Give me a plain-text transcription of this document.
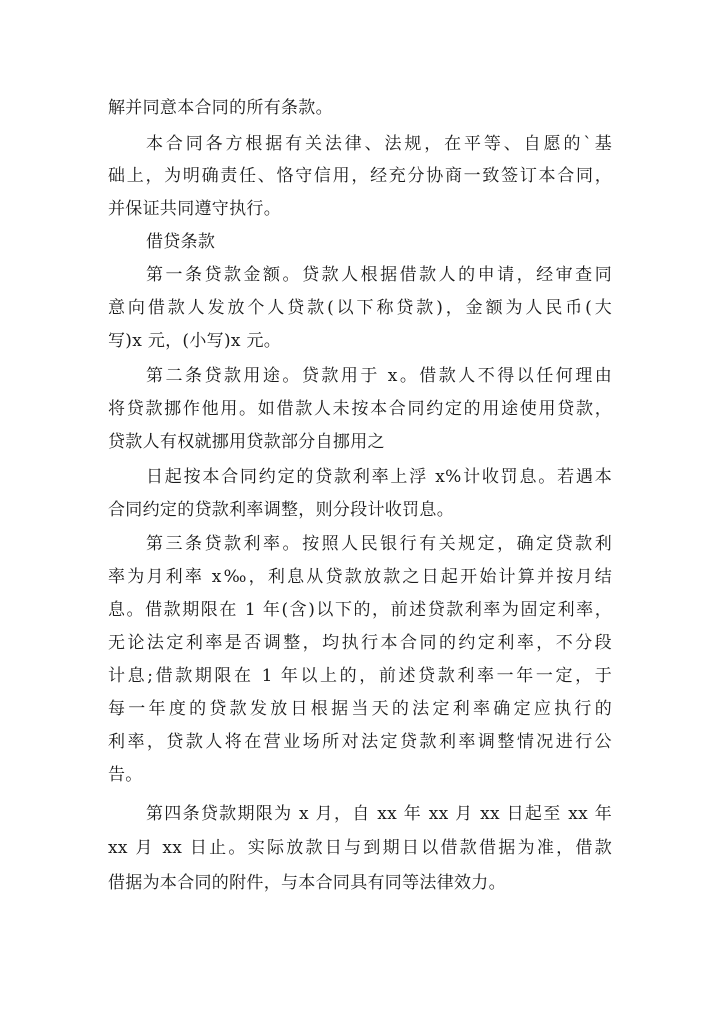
解并同意本合同的所有条款。
本合同各方根据有关法律、法规，在平等、自愿的`基
础上，为明确责任、恪守信用，经充分协商一致签订本合同，
并保证共同遵守执行。
借贷条款
第一条贷款金额。贷款人根据借款人的申请，经审查同
意向借款人发放个人贷款(以下称贷款)，金额为人民币(大
写)x 元，(小写)x 元。
第二条贷款用途。贷款用于 x。借款人不得以任何理由
将贷款挪作他用。如借款人未按本合同约定的用途使用贷款，
贷款人有权就挪用贷款部分自挪用之
日起按本合同约定的贷款利率上浮 x%计收罚息。若遇本
合同约定的贷款利率调整，则分段计收罚息。
第三条贷款利率。按照人民银行有关规定，确定贷款利
率为月利率 x‰，利息从贷款放款之日起开始计算并按月结
息。借款期限在 1 年(含)以下的，前述贷款利率为固定利率，
无论法定利率是否调整，均执行本合同的约定利率，不分段
计息;借款期限在 1 年以上的，前述贷款利率一年一定，于
每一年度的贷款发放日根据当天的法定利率确定应执行的
利率，贷款人将在营业场所对法定贷款利率调整情况进行公
告。
第四条贷款期限为 x 月，自 xx 年 xx 月 xx 日起至 xx 年
xx 月 xx 日止。实际放款日与到期日以借款借据为准，借款
借据为本合同的附件，与本合同具有同等法律效力。
